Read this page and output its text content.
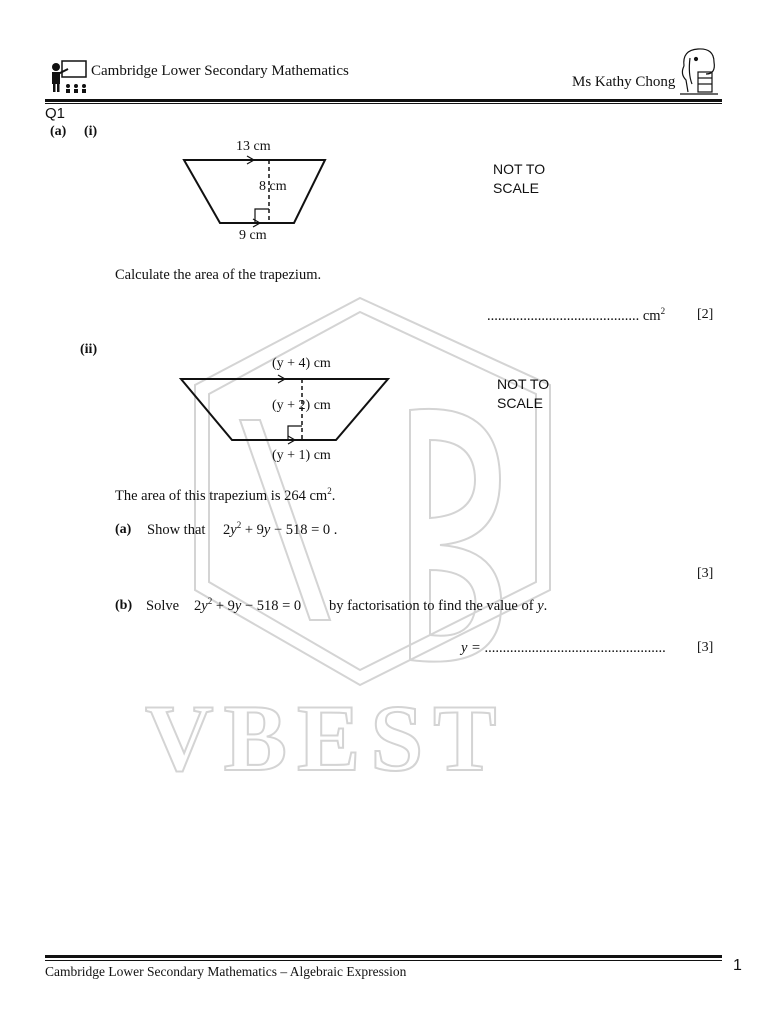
VBEST
Cambridge Lower Secondary Mathematics
Ms Kathy Chong
Q1
(a) (i)
13 cm
8 cm
9 cm
NOT TO
SCALE
Calculate the area of the trapezium.
.......................................... $cm^2$ [2]
(ii)
(y + 4) cm
(y + 2) cm
(y + 1) cm
NOT TO
SCALE
The area of this trapezium is 264 $cm^2$.
(a) Show that $2y^2 + 9y - 518 = 0$ .
[3]
(b) Solve $2y^2 + 9y - 518 = 0$ by factorisation to find the value of y.
y = .................................................. [3]
Cambridge Lower Secondary Mathematics – Algebraic Expression	1
